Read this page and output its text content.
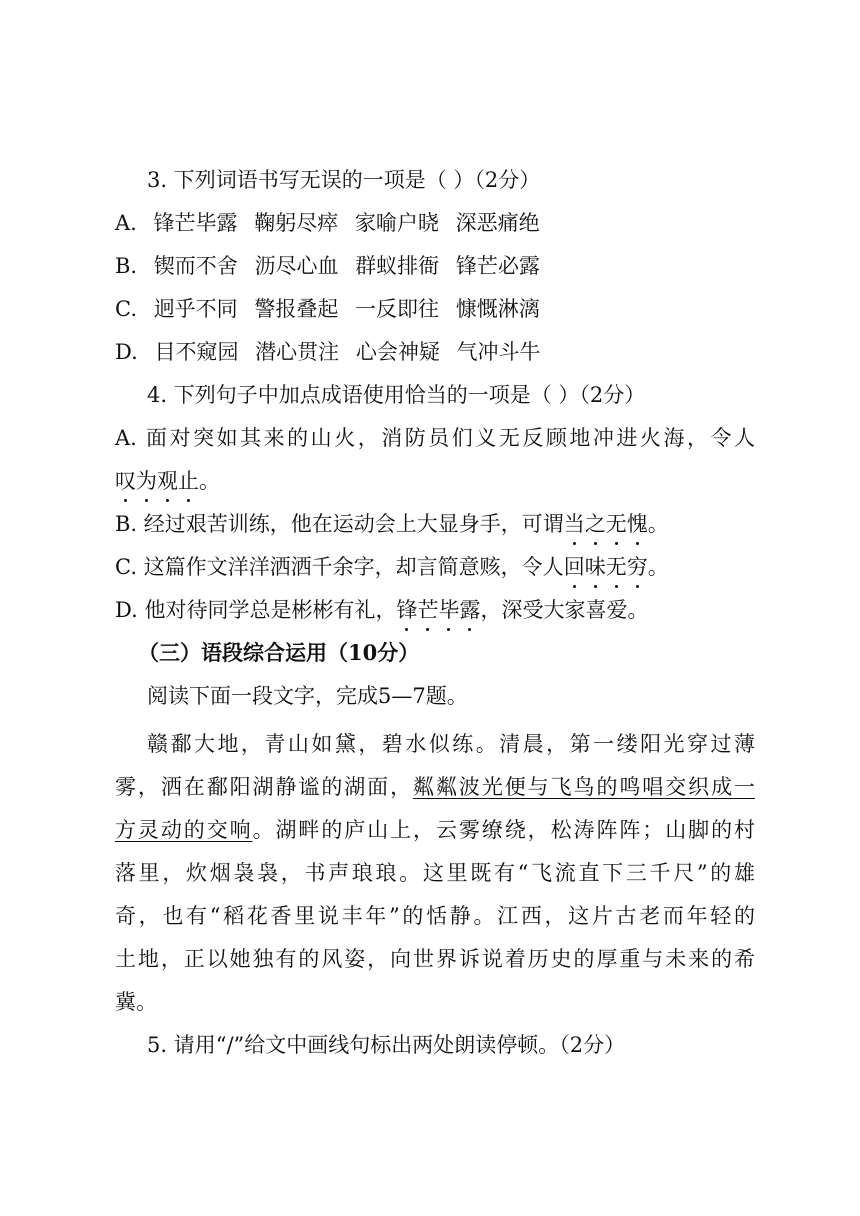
3. 下列词语书写无误的一项是（ ）（2分）
A. 锋芒毕露 鞠躬尽瘁 家喻户晓 深恶痛绝
B. 锲而不舍 沥尽心血 群蚁排衙 锋芒必露
C. 迥乎不同 警报叠起 一反即往 慷慨淋漓
D. 目不窥园 潜心贯注 心会神疑 气冲斗牛
4. 下列句子中加点成语使用恰当的一项是（ ）（2分）
A. 面对突如其来的山火，消防员们义无反顾地冲进火海，令人
叹为观止。
B. 经过艰苦训练，他在运动会上大显身手，可谓当之无愧。
C. 这篇作文洋洋洒洒千余字，却言简意赅，令人回味无穷。
D. 他对待同学总是彬彬有礼，锋芒毕露，深受大家喜爱。
（三）语段综合运用（10分）
阅读下面一段文字，完成5—7题。
赣鄱大地，青山如黛，碧水似练。清晨，第一缕阳光穿过薄
雾，洒在鄱阳湖静谧的湖面，粼粼波光便与飞鸟的鸣唱交织成一
方灵动的交响。湖畔的庐山上，云雾缭绕，松涛阵阵；山脚的村
落里，炊烟袅袅，书声琅琅。这里既有“飞流直下三千尺”的雄
奇，也有“稻花香里说丰年”的恬静。江西，这片古老而年轻的
土地，正以她独有的风姿，向世界诉说着历史的厚重与未来的希
冀。
5. 请用“/”给文中画线句标出两处朗读停顿。（2分）
